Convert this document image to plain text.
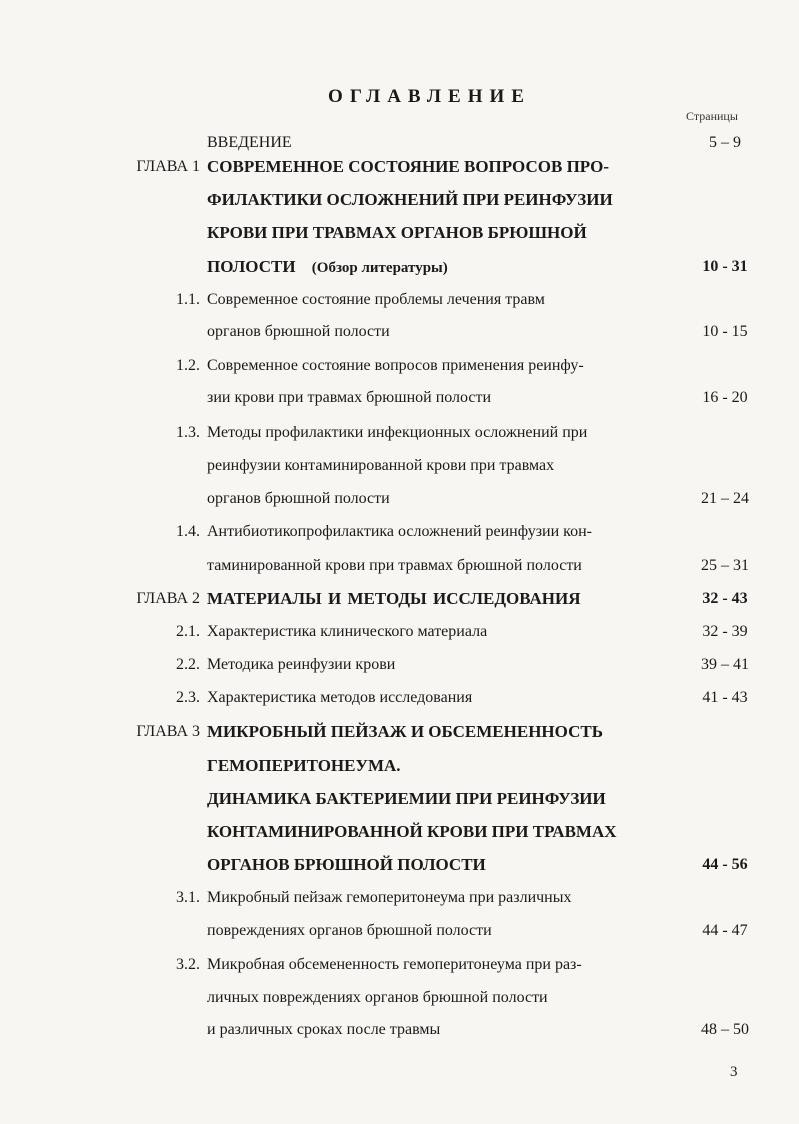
ОГЛАВЛЕНИЕ
Страницы
ВВЕДЕНИЕ	5 – 9
ГЛАВА 1 СОВРЕМЕННОЕ СОСТОЯНИЕ ВОПРОСОВ ПРО-
ФИЛАКТИКИ ОСЛОЖНЕНИЙ ПРИ РЕИНФУЗИИ
КРОВИ ПРИ ТРАВМАХ ОРГАНОВ БРЮШНОЙ
ПОЛОСТИ (Обзор литературы)	10 - 31
1.1. Современное состояние проблемы лечения травм
органов брюшной полости	10 - 15
1.2. Современное состояние вопросов применения реинфу-
зии крови при травмах брюшной полости	16 - 20
1.3. Методы профилактики инфекционных осложнений при
реинфузии контаминированной крови при травмах
органов брюшной полости	21 – 24
1.4. Антибиотикопрофилактика осложнений реинфузии кон-
таминированной крови при травмах брюшной полости	25 – 31
ГЛАВА 2 МАТЕРИАЛЫ И МЕТОДЫ ИССЛЕДОВАНИЯ	32 - 43
2.1. Характеристика клинического материала	32 - 39
2.2. Методика реинфузии крови	39 – 41
2.3. Характеристика методов исследования	41 - 43
ГЛАВА 3 МИКРОБНЫЙ ПЕЙЗАЖ И ОБСЕМЕНЕННОСТЬ
ГЕМОПЕРИТОНЕУМА.
ДИНАМИКА БАКТЕРИЕМИИ ПРИ РЕИНФУЗИИ
КОНТАМИНИРОВАННОЙ КРОВИ ПРИ ТРАВМАХ
ОРГАНОВ БРЮШНОЙ ПОЛОСТИ	44 - 56
3.1. Микробный пейзаж гемоперитонеума при различных
повреждениях органов брюшной полости	44 - 47
3.2. Микробная обсемененность гемоперитонеума при раз-
личных повреждениях органов брюшной полости
и различных сроках после травмы	48 – 50
3
